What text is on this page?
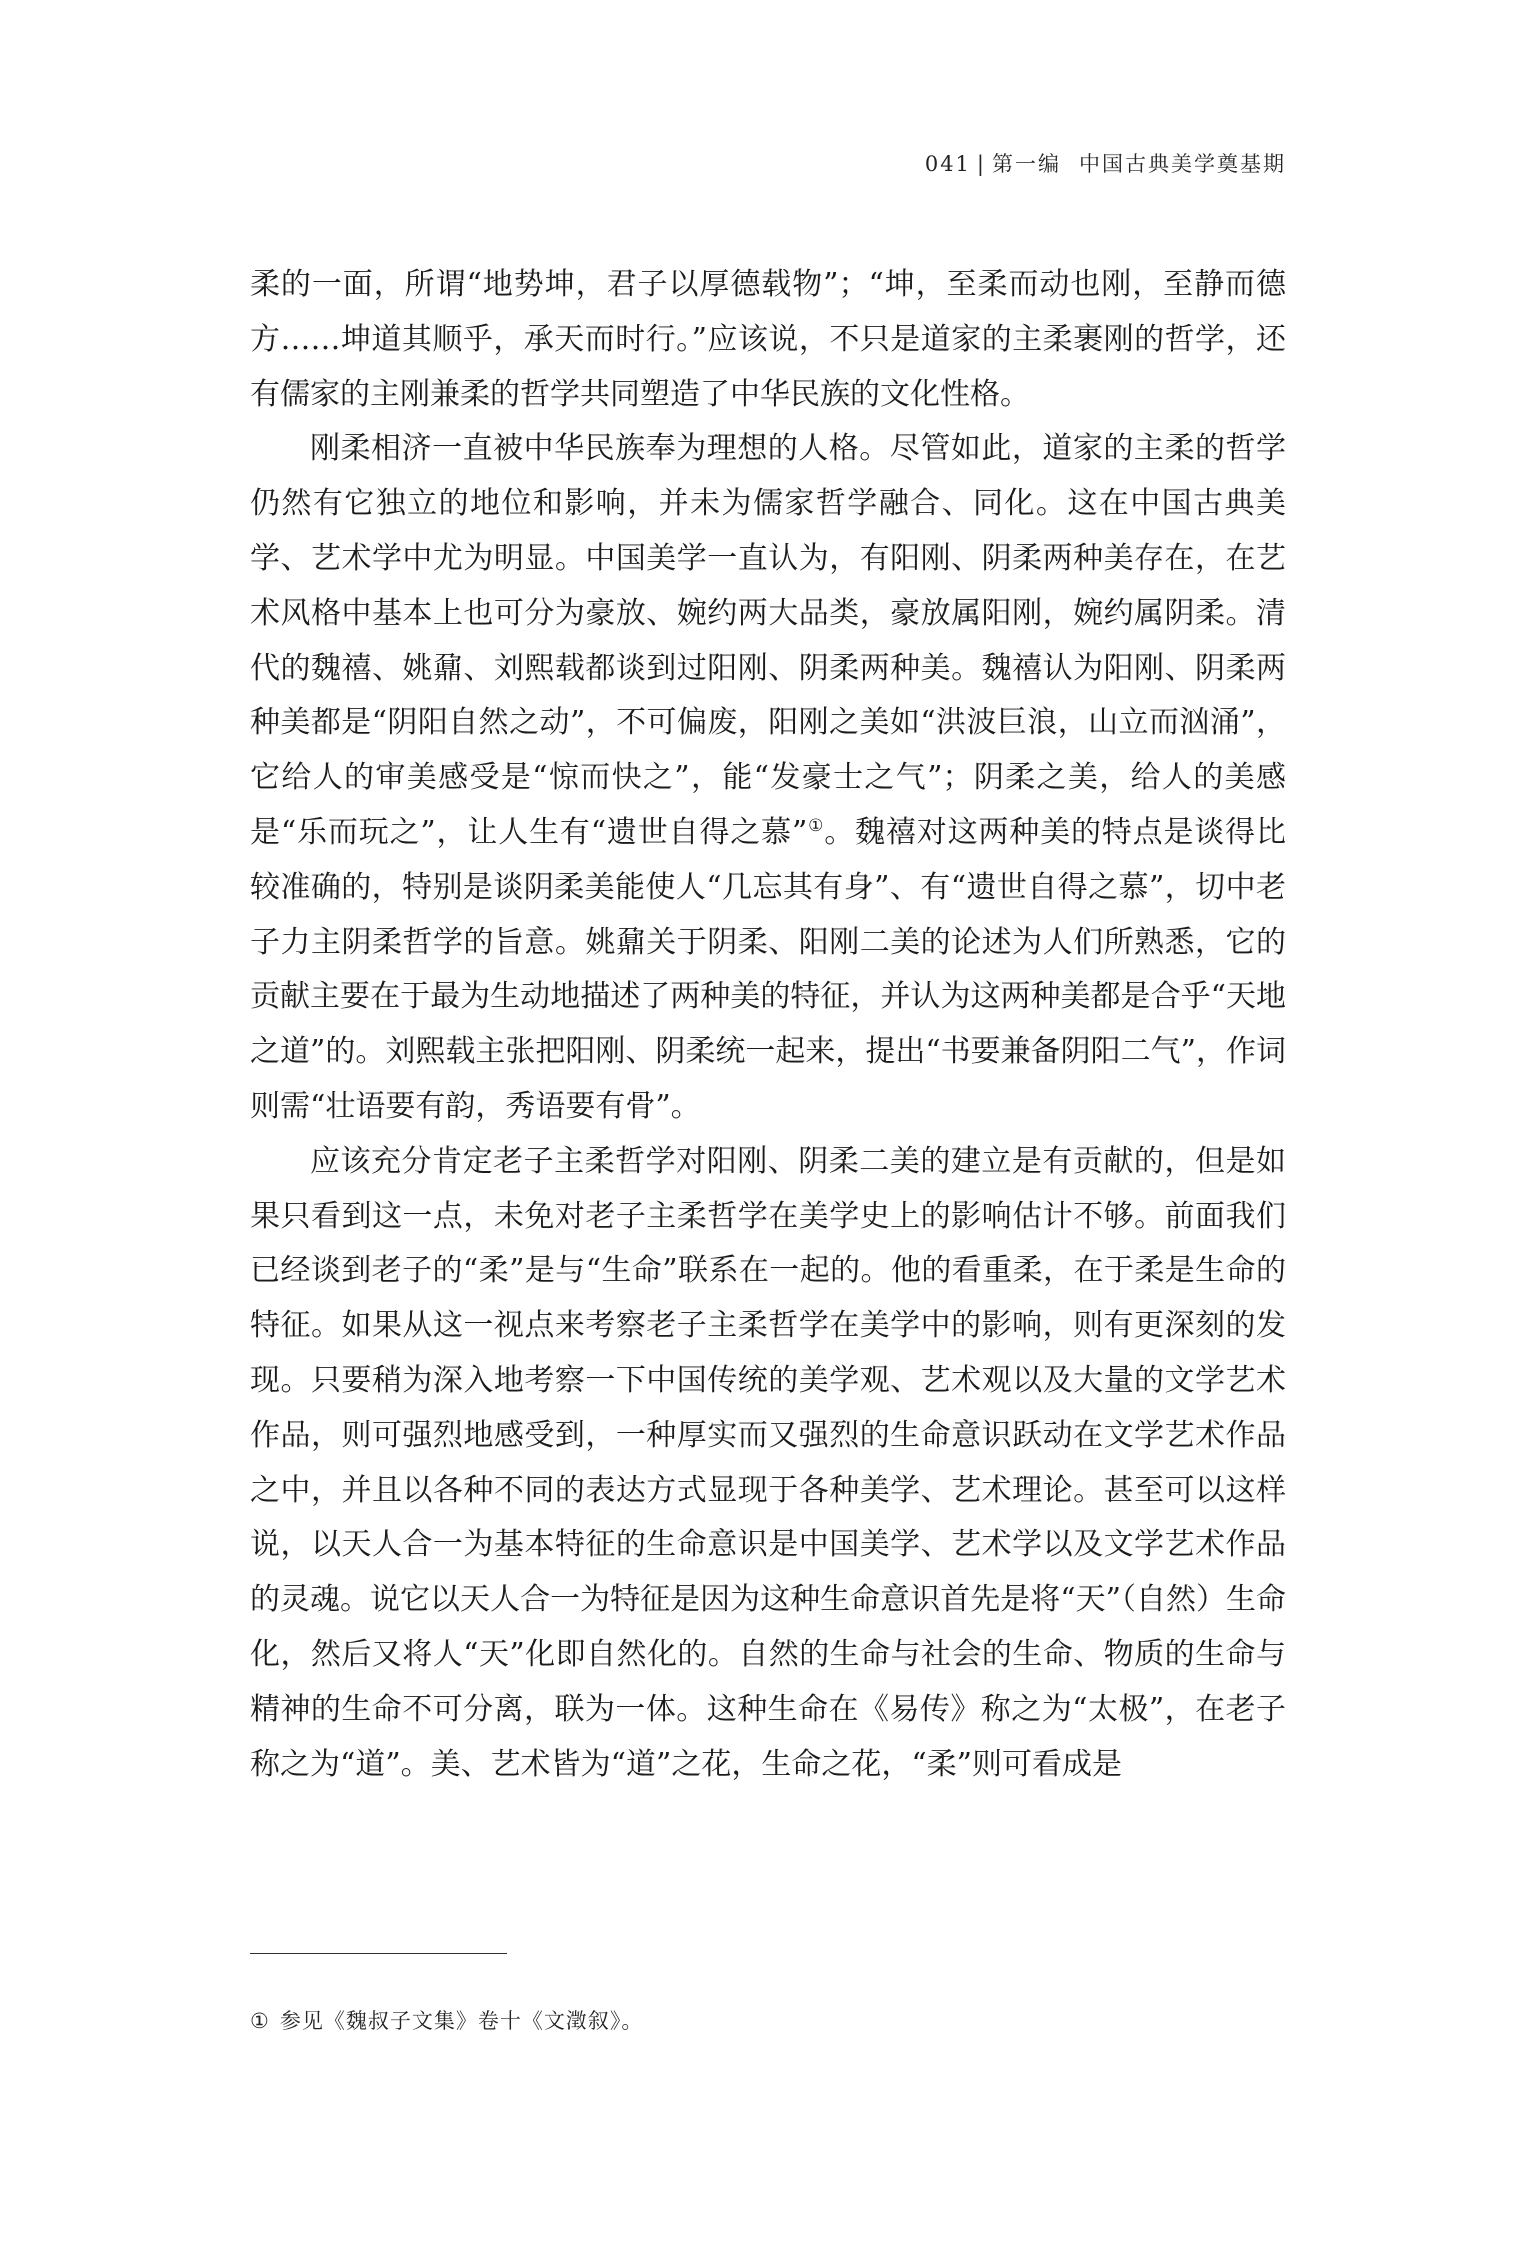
041 | 第一编 中国古典美学奠基期

柔的一面，所谓“地势坤，君子以厚德载物”；“坤，至柔而动也刚，至静而德方……坤道其顺乎，承天而时行。”应该说，不只是道家的主柔裹刚的哲学，还有儒家的主刚兼柔的哲学共同塑造了中华民族的文化性格。

刚柔相济一直被中华民族奉为理想的人格。尽管如此，道家的主柔的哲学仍然有它独立的地位和影响，并未为儒家哲学融合、同化。这在中国古典美学、艺术学中尤为明显。中国美学一直认为，有阳刚、阴柔两种美存在，在艺术风格中基本上也可分为豪放、婉约两大品类，豪放属阳刚，婉约属阴柔。清代的魏禧、姚鼐、刘熙载都谈到过阳刚、阴柔两种美。魏禧认为阳刚、阴柔两种美都是“阴阳自然之动”，不可偏废，阳刚之美如“洪波巨浪，山立而汹涌”，它给人的审美感受是“惊而快之”，能“发豪士之气”；阴柔之美，给人的美感是“乐而玩之”，让人生有“遗世自得之慕”①。魏禧对这两种美的特点是谈得比较准确的，特别是谈阴柔美能使人“几忘其有身”、有“遗世自得之慕”，切中老子力主阴柔哲学的旨意。姚鼐关于阴柔、阳刚二美的论述为人们所熟悉，它的贡献主要在于最为生动地描述了两种美的特征，并认为这两种美都是合乎“天地之道”的。刘熙载主张把阳刚、阴柔统一起来，提出“书要兼备阴阳二气”，作词则需“壮语要有韵，秀语要有骨”。

应该充分肯定老子主柔哲学对阳刚、阴柔二美的建立是有贡献的，但是如果只看到这一点，未免对老子主柔哲学在美学史上的影响估计不够。前面我们已经谈到老子的“柔”是与“生命”联系在一起的。他的看重柔，在于柔是生命的特征。如果从这一视点来考察老子主柔哲学在美学中的影响，则有更深刻的发现。只要稍为深入地考察一下中国传统的美学观、艺术观以及大量的文学艺术作品，则可强烈地感受到，一种厚实而又强烈的生命意识跃动在文学艺术作品之中，并且以各种不同的表达方式显现于各种美学、艺术理论。甚至可以这样说，以天人合一为基本特征的生命意识是中国美学、艺术学以及文学艺术作品的灵魂。说它以天人合一为特征是因为这种生命意识首先是将“天”（自然）生命化，然后又将人“天”化即自然化的。自然的生命与社会的生命、物质的生命与精神的生命不可分离，联为一体。这种生命在《易传》称之为“太极”，在老子称之为“道”。美、艺术皆为“道”之花，生命之花，“柔”则可看成是

① 参见《魏叔子文集》卷十《文澂叙》。
